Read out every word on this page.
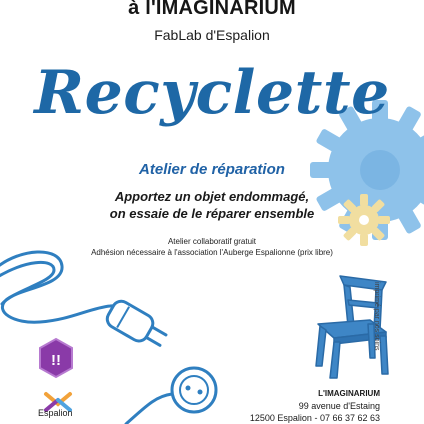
à l'IMAGINARIUM
FabLab d'Espalion
Recyclette
Atelier de réparation
Apportez un objet endommagé,
on essaie de le réparer ensemble
Atelier collaboratif gratuit
Adhésion nécessaire à l'association l'Auberge Espalionne (prix libre)
imprimé par nos soins
!!
Espalion
L'IMAGINARIUM
99 avenue d'Estaing
12500 Espalion - 07 66 37 62 63
